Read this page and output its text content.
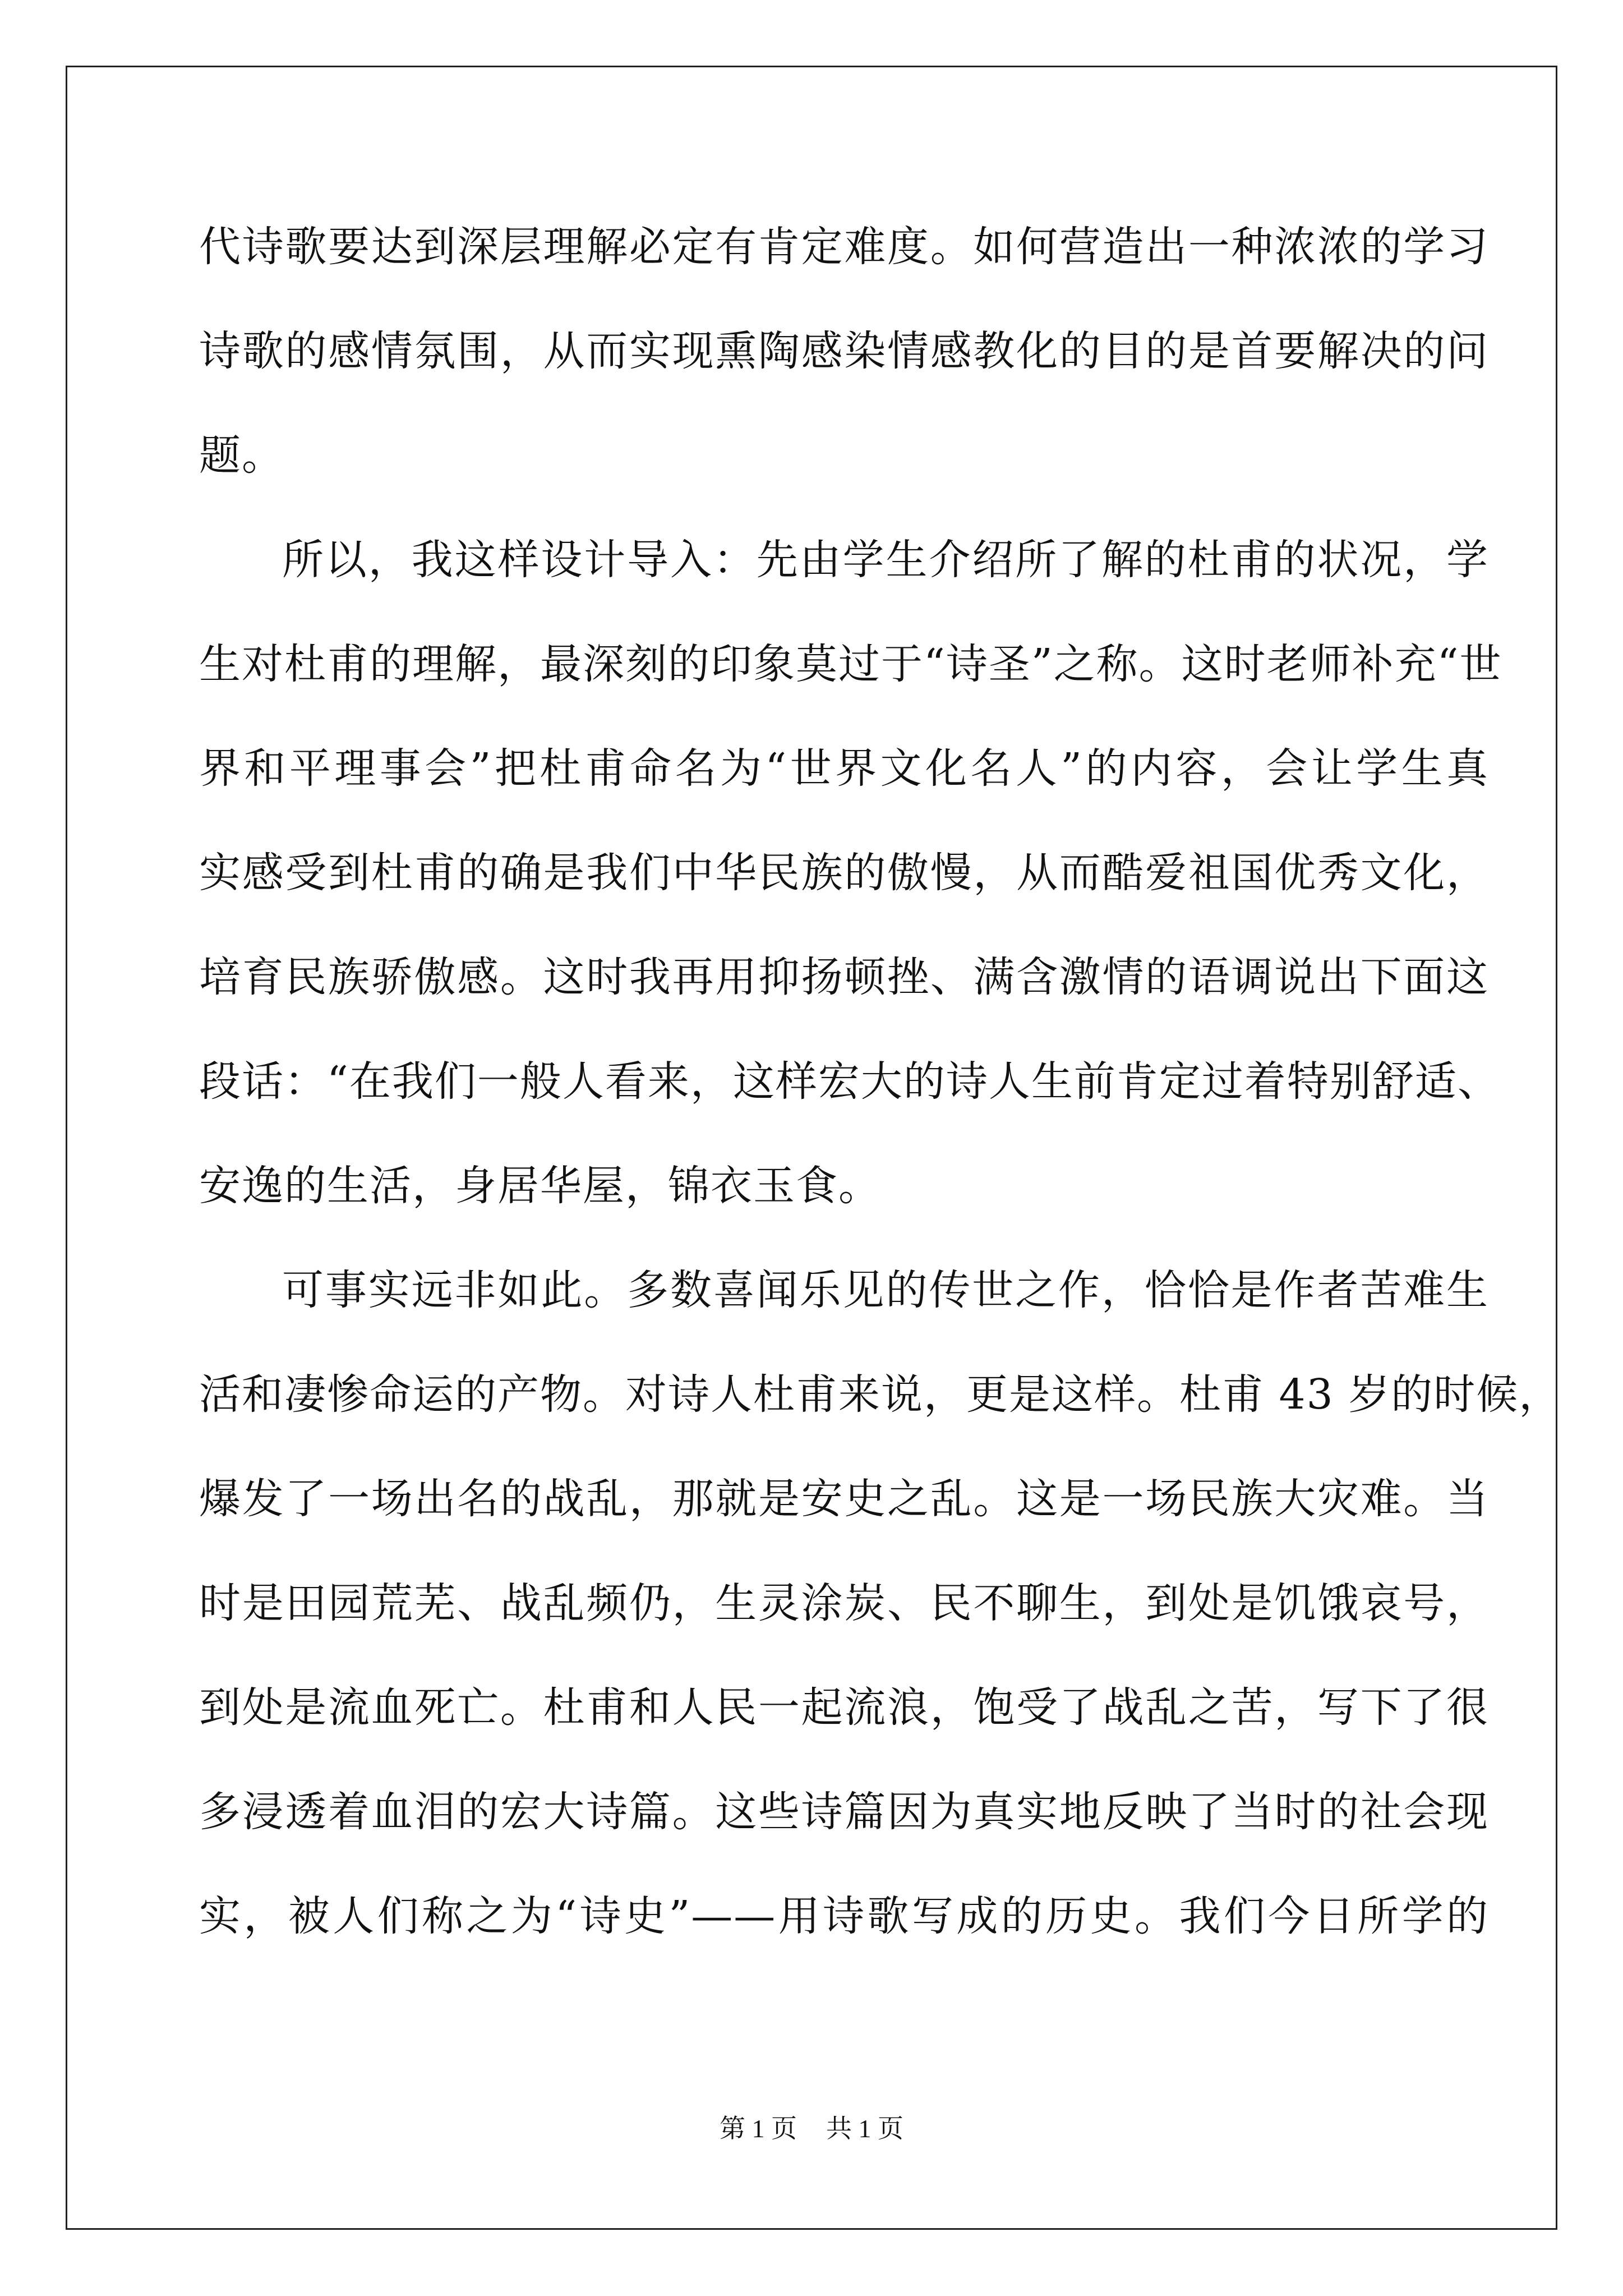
代诗歌要达到深层理解必定有肯定难度。如何营造出一种浓浓的学习
诗歌的感情氛围，从而实现熏陶感染情感教化的目的是首要解决的问
题。
所以，我这样设计导入：先由学生介绍所了解的杜甫的状况，学
生对杜甫的理解，最深刻的印象莫过于“诗圣”之称。这时老师补充“世
界和平理事会”把杜甫命名为“世界文化名人”的内容，会让学生真
实感受到杜甫的确是我们中华民族的傲慢，从而酷爱祖国优秀文化，
培育民族骄傲感。这时我再用抑扬顿挫、满含激情的语调说出下面这
段话：“在我们一般人看来，这样宏大的诗人生前肯定过着特别舒适、
安逸的生活，身居华屋，锦衣玉食。
可事实远非如此。多数喜闻乐见的传世之作，恰恰是作者苦难生
活和凄惨命运的产物。对诗人杜甫来说，更是这样。杜甫 43 岁的时候，
爆发了一场出名的战乱，那就是安史之乱。这是一场民族大灾难。当
时是田园荒芜、战乱频仍，生灵涂炭、民不聊生，到处是饥饿哀号，
到处是流血死亡。杜甫和人民一起流浪，饱受了战乱之苦，写下了很
多浸透着血泪的宏大诗篇。这些诗篇因为真实地反映了当时的社会现
实，被人们称之为“诗史”——用诗歌写成的历史。我们今日所学的
第 1 页 共 1 页
